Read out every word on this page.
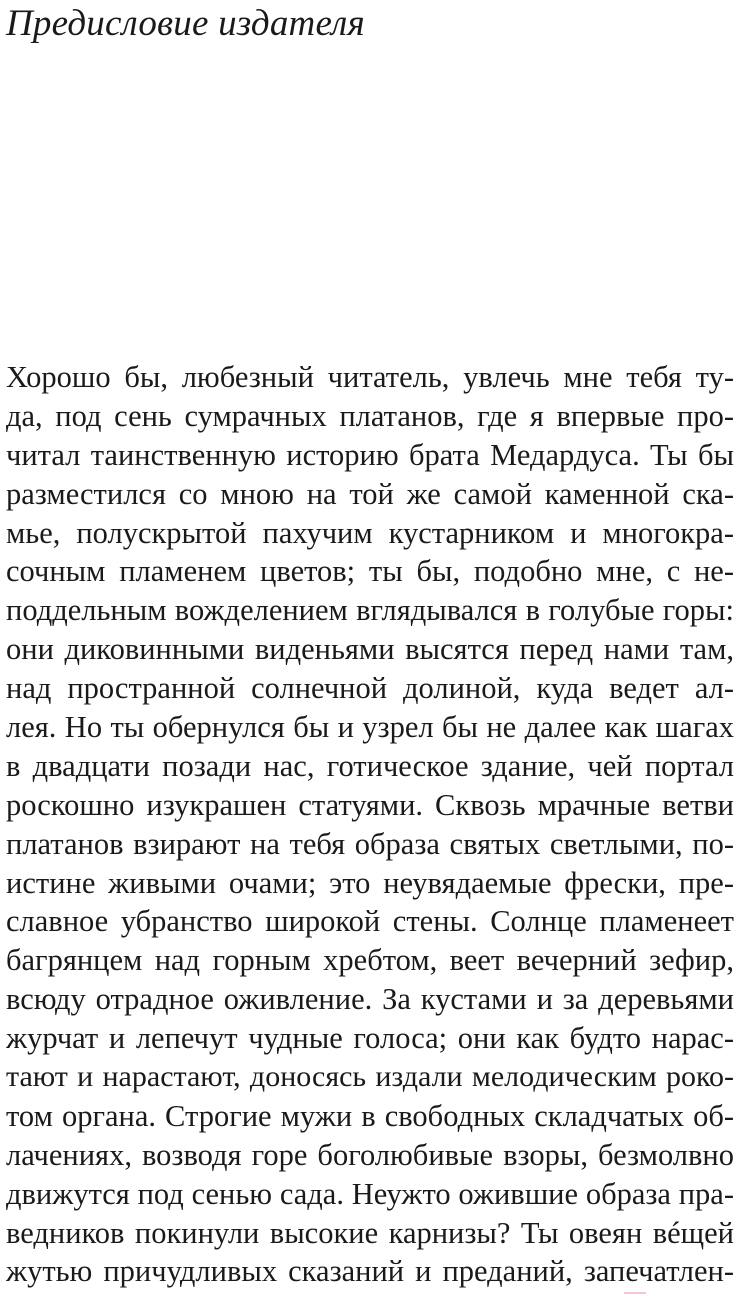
Предисловие издателя
Хорошо бы, любезный читатель, увлечь мне тебя ту-
да, под сень сумрачных платанов, где я впервые про-
читал таинственную историю брата Медардуса. Ты бы
разместился со мною на той же самой каменной ска-
мье, полускрытой пахучим кустарником и многокра-
сочным пламенем цветов; ты бы, подобно мне, с не-
поддельным вожделением вглядывался в голубые горы:
они диковинными виденьями высятся перед нами там,
над пространной солнечной долиной, куда ведет ал-
лея. Но ты обернулся бы и узрел бы не далее как шагах
в двадцати позади нас, готическое здание, чей портал
роскошно изукрашен статуями. Сквозь мрачные ветви
платанов взирают на тебя образа святых светлыми, по-
истине живыми очами; это неувядаемые фрески, пре-
славное убранство широкой стены. Солнце пламенеет
багрянцем над горным хребтом, веет вечерний зефир,
всюду отрадное оживление. За кустами и за деревьями
журчат и лепечут чудные голоса; они как будто нарас-
тают и нарастают, доносясь издали мелодическим роко-
том органа. Строгие мужи в свободных складчатых об-
лачениях, возводя горе боголюбивые взоры, безмолвно
движутся под сенью сада. Неужто ожившие образа пра-
ведников покинули высокие карнизы? Ты овеян вéщей
жутью причудливых сказаний и преданий, запечатлен-
